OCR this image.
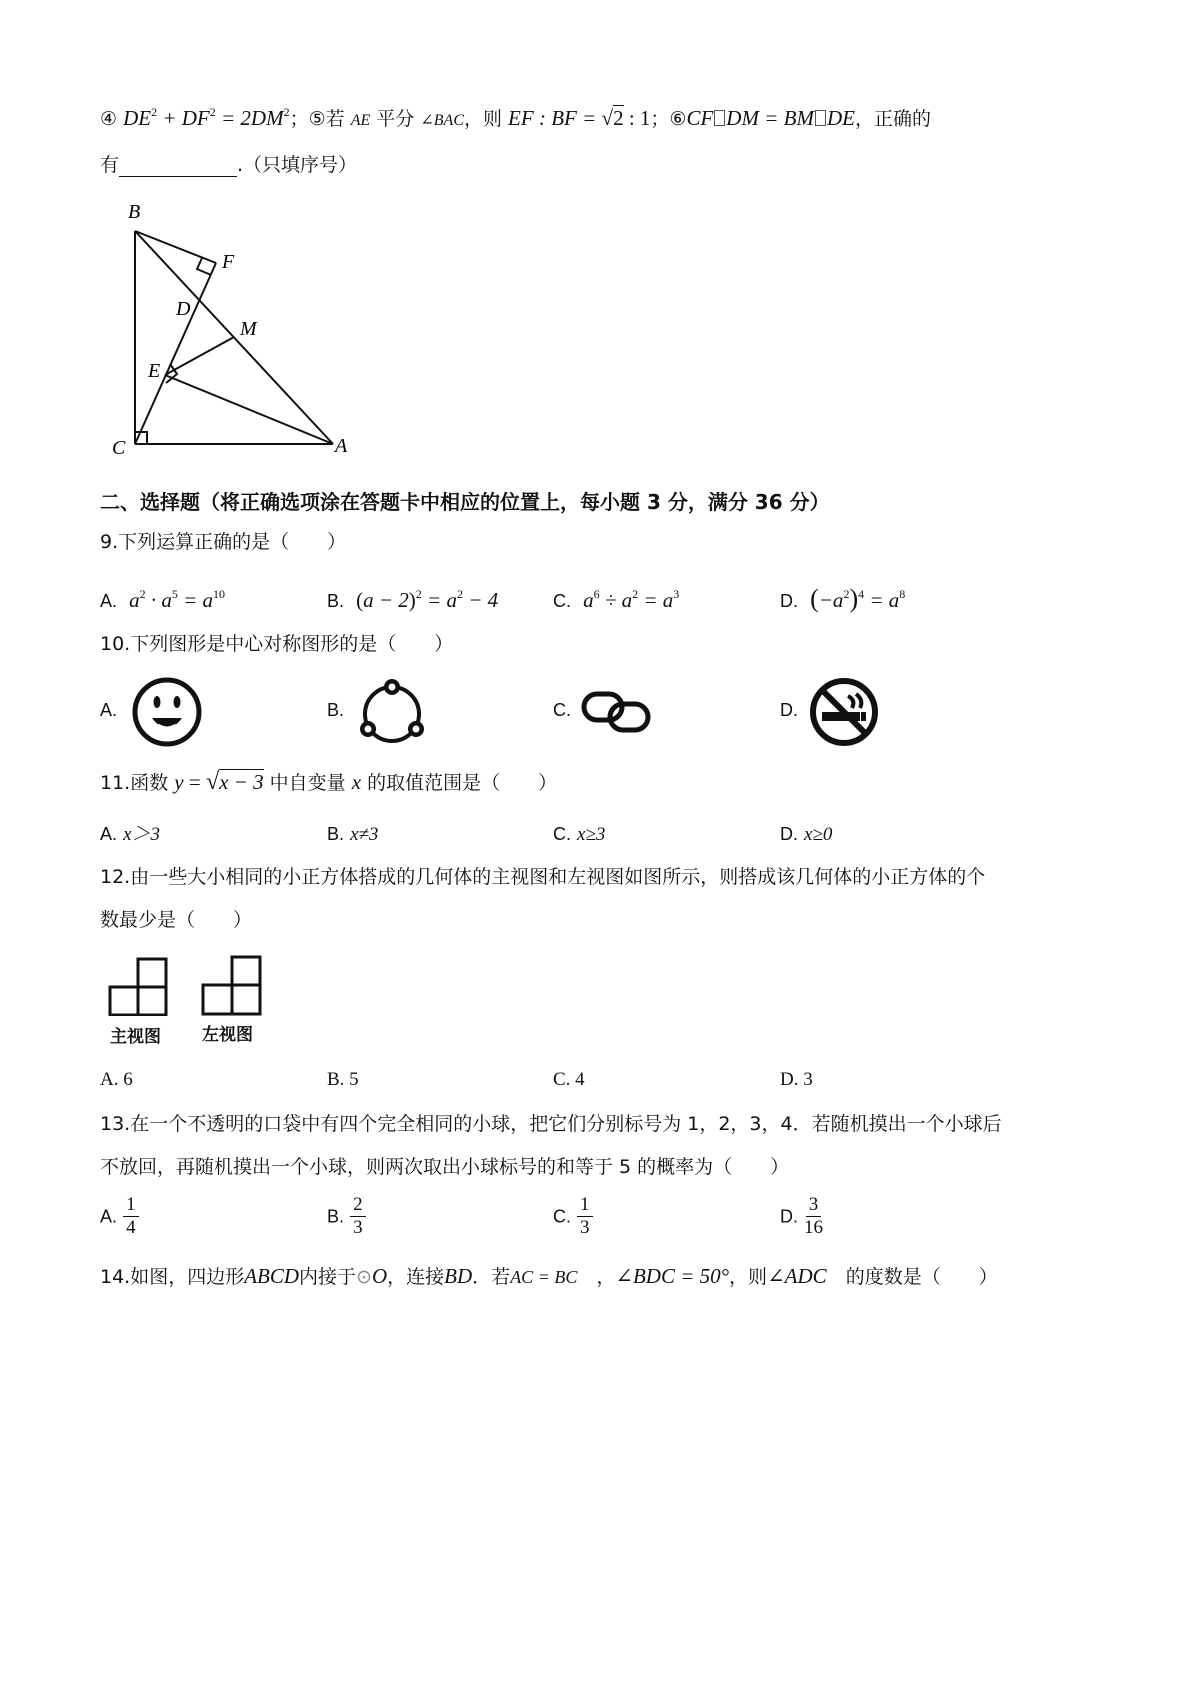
④ $DE^2 + DF^2 = 2DM^2$；⑤若 AE 平分 ∠BAC，则 EF : BF = √2 : 1；⑥CF DM = BM DE，正确的
有	.（只填序号）
B
F
D
M
E
C	A
二、选择题（将正确选项涂在答题卡中相应的位置上，每小题 3 分，满分 36 分）
9.下列运算正确的是（　　）
A. $a^2 \cdot a^5 = a^{10}$	B. $(a - 2)^2 = a^2 - 4$	C. $a^6 \div a^2 = a^3$	D. $(-a^2)^4 = a^8$
10.下列图形是中心对称图形的是（　　）
A.	B.	C.	D.
11.函数 y = √x − 3 中自变量 x 的取值范围是（　　）
A. x＞3	B. x≠3	C. x≥3	D. x≥0
12.由一些大小相同的小正方体搭成的几何体的主视图和左视图如图所示，则搭成该几何体的小正方体的个
数最少是（　　）
主视图 左视图
A. 6	B. 5	C. 4	D. 3
13.在一个不透明的口袋中有四个完全相同的小球，把它们分别标号为 1，2，3，4．若随机摸出一个小球后
不放回，再随机摸出一个小球，则两次取出小球标号的和等于 5 的概率为（　　）
A. $\frac{1}{4}$	B. $\frac{2}{3}$	C. $\frac{1}{3}$	D. $\frac{3}{16}$
14.如图，四边形ABCD内接于⊙O，连接BD．若AC = BC　 ，∠BDC = 50°，则∠ADC　 的度数是（　　）
